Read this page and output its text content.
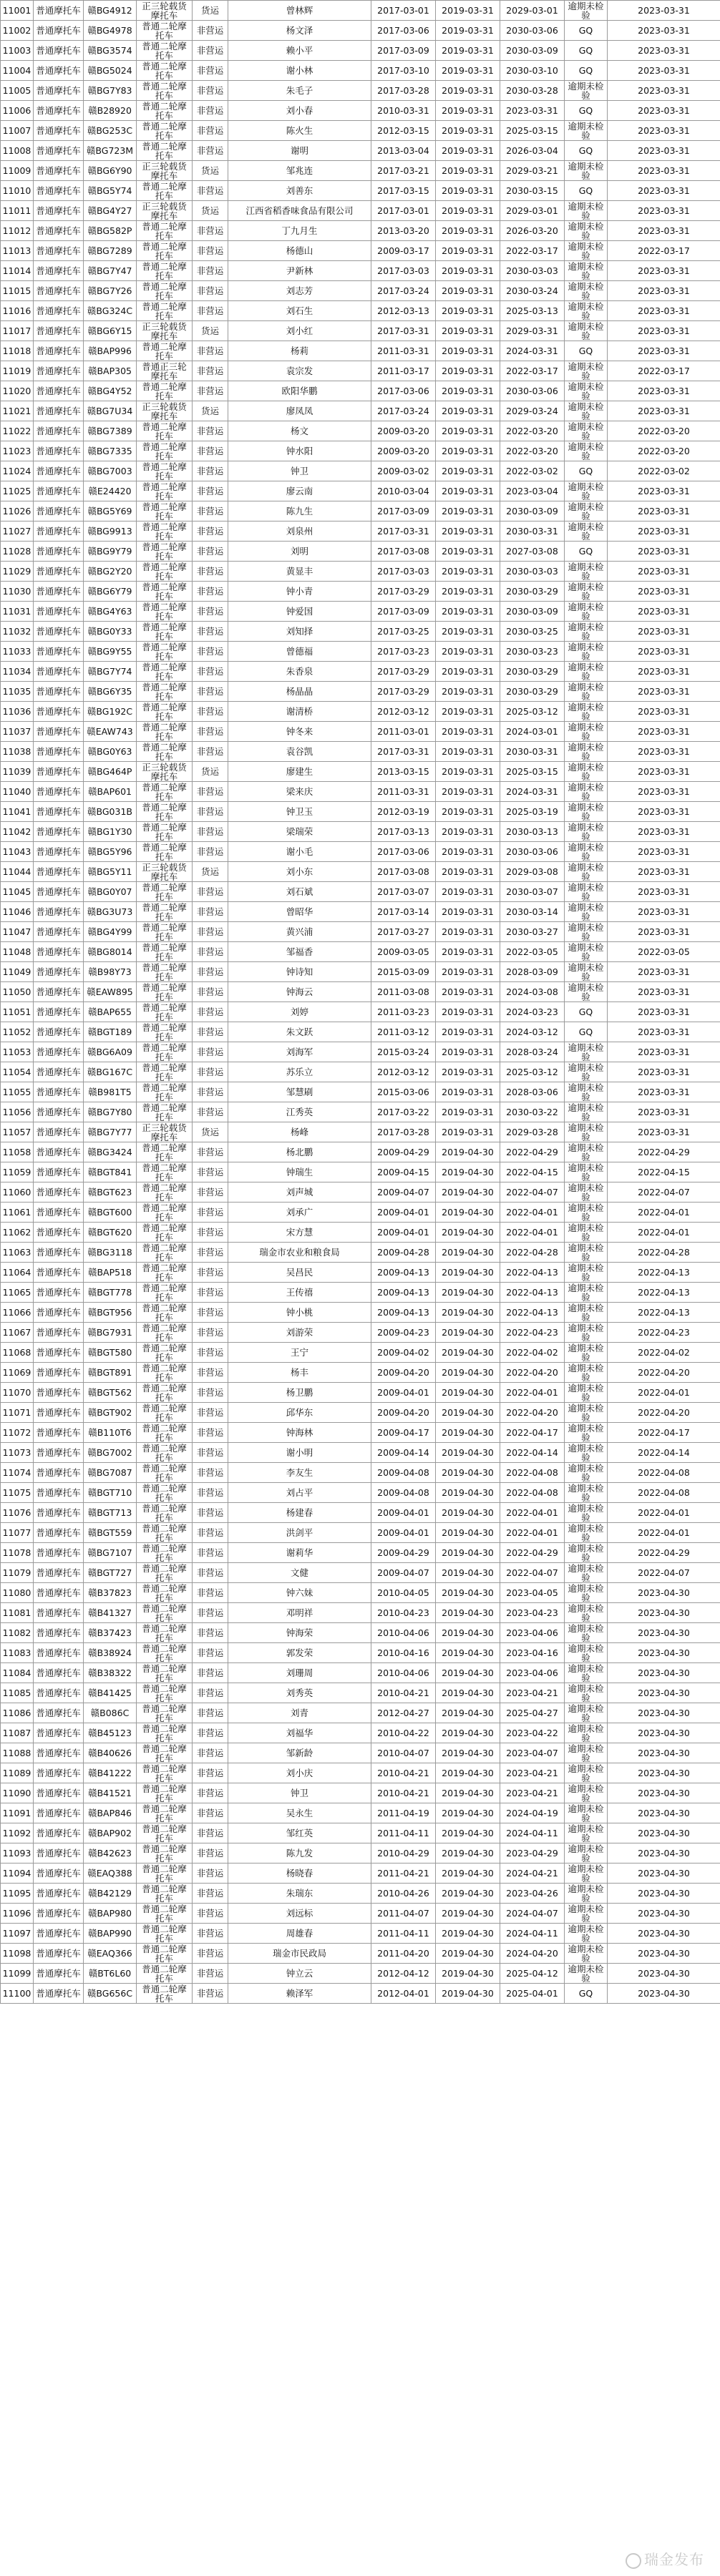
11001	普通摩托车	赣BG4912	正三轮载货摩托车	货运	曾林辉	2017-03-01	2019-03-31	2029-03-01	逾期未检验	2023-03-31
11002	普通摩托车	赣BG4978	普通二轮摩托车	非营运	杨文泽	2017-03-06	2019-03-31	2030-03-06	GQ	2023-03-31
11003	普通摩托车	赣BG3574	普通二轮摩托车	非营运	赖小平	2017-03-09	2019-03-31	2030-03-09	GQ	2023-03-31
11004	普通摩托车	赣BG5024	普通二轮摩托车	非营运	谢小林	2017-03-10	2019-03-31	2030-03-10	GQ	2023-03-31
11005	普通摩托车	赣BG7Y83	普通二轮摩托车	非营运	朱毛子	2017-03-28	2019-03-31	2030-03-28	逾期未检验	2023-03-31
11006	普通摩托车	赣B28920	普通二轮摩托车	非营运	刘小春	2010-03-31	2019-03-31	2023-03-31	GQ	2023-03-31
11007	普通摩托车	赣BG253C	普通二轮摩托车	非营运	陈火生	2012-03-15	2019-03-31	2025-03-15	逾期未检验	2023-03-31
11008	普通摩托车	赣BG723M	普通二轮摩托车	非营运	谢明	2013-03-04	2019-03-31	2026-03-04	GQ	2023-03-31
11009	普通摩托车	赣BG6Y90	正三轮载货摩托车	货运	邹兆连	2017-03-21	2019-03-31	2029-03-21	逾期未检验	2023-03-31
11010	普通摩托车	赣BG5Y74	普通二轮摩托车	非营运	刘善东	2017-03-15	2019-03-31	2030-03-15	GQ	2023-03-31
11011	普通摩托车	赣BG4Y27	正三轮载货摩托车	货运	江西省稻香味食品有限公司	2017-03-01	2019-03-31	2029-03-01	逾期未检验	2023-03-31
11012	普通摩托车	赣BG582P	普通二轮摩托车	非营运	丁九月生	2013-03-20	2019-03-31	2026-03-20	逾期未检验	2023-03-31
11013	普通摩托车	赣BG7289	普通二轮摩托车	非营运	杨德山	2009-03-17	2019-03-31	2022-03-17	逾期未检验	2022-03-17
11014	普通摩托车	赣BG7Y47	普通二轮摩托车	非营运	尹新林	2017-03-03	2019-03-31	2030-03-03	逾期未检验	2023-03-31
11015	普通摩托车	赣BG7Y26	普通二轮摩托车	非营运	刘志芳	2017-03-24	2019-03-31	2030-03-24	逾期未检验	2023-03-31
11016	普通摩托车	赣BG324C	普通二轮摩托车	非营运	刘石生	2012-03-13	2019-03-31	2025-03-13	逾期未检验	2023-03-31
11017	普通摩托车	赣BG6Y15	正三轮载货摩托车	货运	刘小红	2017-03-31	2019-03-31	2029-03-31	逾期未检验	2023-03-31
11018	普通摩托车	赣BAP996	普通二轮摩托车	非营运	杨莉	2011-03-31	2019-03-31	2024-03-31	GQ	2023-03-31
11019	普通摩托车	赣BAP305	普通正三轮摩托车	非营运	袁宗发	2011-03-17	2019-03-31	2022-03-17	逾期未检验	2022-03-17
11020	普通摩托车	赣BG4Y52	普通二轮摩托车	非营运	欧阳华鹏	2017-03-06	2019-03-31	2030-03-06	逾期未检验	2023-03-31
11021	普通摩托车	赣BG7U34	正三轮载货摩托车	货运	廖凤凤	2017-03-24	2019-03-31	2029-03-24	逾期未检验	2023-03-31
11022	普通摩托车	赣BG7389	普通二轮摩托车	非营运	杨文	2009-03-20	2019-03-31	2022-03-20	逾期未检验	2022-03-20
11023	普通摩托车	赣BG7335	普通二轮摩托车	非营运	钟水阳	2009-03-20	2019-03-31	2022-03-20	逾期未检验	2022-03-20
11024	普通摩托车	赣BG7003	普通二轮摩托车	非营运	钟卫	2009-03-02	2019-03-31	2022-03-02	GQ	2022-03-02
11025	普通摩托车	赣E24420	普通二轮摩托车	非营运	廖云南	2010-03-04	2019-03-31	2023-03-04	逾期未检验	2023-03-31
11026	普通摩托车	赣BG5Y69	普通二轮摩托车	非营运	陈九生	2017-03-09	2019-03-31	2030-03-09	逾期未检验	2023-03-31
11027	普通摩托车	赣BG9913	普通二轮摩托车	非营运	刘泉州	2017-03-31	2019-03-31	2030-03-31	逾期未检验	2023-03-31
11028	普通摩托车	赣BG9Y79	普通二轮摩托车	非营运	刘明	2017-03-08	2019-03-31	2027-03-08	GQ	2023-03-31
11029	普通摩托车	赣BG2Y20	普通二轮摩托车	非营运	黄显丰	2017-03-03	2019-03-31	2030-03-03	逾期未检验	2023-03-31
11030	普通摩托车	赣BG6Y79	普通二轮摩托车	非营运	钟小青	2017-03-29	2019-03-31	2030-03-29	逾期未检验	2023-03-31
11031	普通摩托车	赣BG4Y63	普通二轮摩托车	非营运	钟爱国	2017-03-09	2019-03-31	2030-03-09	逾期未检验	2023-03-31
11032	普通摩托车	赣BG0Y33	普通二轮摩托车	非营运	刘知择	2017-03-25	2019-03-31	2030-03-25	逾期未检验	2023-03-31
11033	普通摩托车	赣BG9Y55	普通二轮摩托车	非营运	曾德福	2017-03-23	2019-03-31	2030-03-23	逾期未检验	2023-03-31
11034	普通摩托车	赣BG7Y74	普通二轮摩托车	非营运	朱香泉	2017-03-29	2019-03-31	2030-03-29	逾期未检验	2023-03-31
11035	普通摩托车	赣BG6Y35	普通二轮摩托车	非营运	杨晶晶	2017-03-29	2019-03-31	2030-03-29	逾期未检验	2023-03-31
11036	普通摩托车	赣BG192C	普通二轮摩托车	非营运	谢清桥	2012-03-12	2019-03-31	2025-03-12	逾期未检验	2023-03-31
11037	普通摩托车	赣EAW743	普通二轮摩托车	非营运	钟冬来	2011-03-01	2019-03-31	2024-03-01	逾期未检验	2023-03-31
11038	普通摩托车	赣BG0Y63	普通二轮摩托车	非营运	袁谷凯	2017-03-31	2019-03-31	2030-03-31	逾期未检验	2023-03-31
11039	普通摩托车	赣BG464P	正三轮载货摩托车	货运	廖建生	2013-03-15	2019-03-31	2025-03-15	逾期未检验	2023-03-31
11040	普通摩托车	赣BAP601	普通二轮摩托车	非营运	梁来庆	2011-03-31	2019-03-31	2024-03-31	逾期未检验	2023-03-31
11041	普通摩托车	赣BG031B	普通二轮摩托车	非营运	钟卫玉	2012-03-19	2019-03-31	2025-03-19	逾期未检验	2023-03-31
11042	普通摩托车	赣BG1Y30	普通二轮摩托车	非营运	梁瑞荣	2017-03-13	2019-03-31	2030-03-13	逾期未检验	2023-03-31
11043	普通摩托车	赣BG5Y96	普通二轮摩托车	非营运	谢小毛	2017-03-06	2019-03-31	2030-03-06	逾期未检验	2023-03-31
11044	普通摩托车	赣BG5Y11	正三轮载货摩托车	货运	刘小东	2017-03-08	2019-03-31	2029-03-08	逾期未检验	2023-03-31
11045	普通摩托车	赣BG0Y07	普通二轮摩托车	非营运	刘石斌	2017-03-07	2019-03-31	2030-03-07	逾期未检验	2023-03-31
11046	普通摩托车	赣BG3U73	普通二轮摩托车	非营运	曾昭华	2017-03-14	2019-03-31	2030-03-14	逾期未检验	2023-03-31
11047	普通摩托车	赣BG4Y99	普通二轮摩托车	非营运	黄兴浦	2017-03-27	2019-03-31	2030-03-27	逾期未检验	2023-03-31
11048	普通摩托车	赣BG8014	普通二轮摩托车	非营运	邹福香	2009-03-05	2019-03-31	2022-03-05	逾期未检验	2022-03-05
11049	普通摩托车	赣B98Y73	普通二轮摩托车	非营运	钟诗知	2015-03-09	2019-03-31	2028-03-09	逾期未检验	2023-03-31
11050	普通摩托车	赣EAW895	普通二轮摩托车	非营运	钟海云	2011-03-08	2019-03-31	2024-03-08	逾期未检验	2023-03-31
11051	普通摩托车	赣BAP655	普通二轮摩托车	非营运	刘婷	2011-03-23	2019-03-31	2024-03-23	GQ	2023-03-31
11052	普通摩托车	赣BGT189	普通二轮摩托车	非营运	朱文跃	2011-03-12	2019-03-31	2024-03-12	GQ	2023-03-31
11053	普通摩托车	赣BG6A09	普通二轮摩托车	非营运	刘海军	2015-03-24	2019-03-31	2028-03-24	逾期未检验	2023-03-31
11054	普通摩托车	赣BG167C	普通二轮摩托车	非营运	苏乐立	2012-03-12	2019-03-31	2025-03-12	逾期未检验	2023-03-31
11055	普通摩托车	赣B981T5	普通二轮摩托车	非营运	邹慧刷	2015-03-06	2019-03-31	2028-03-06	逾期未检验	2023-03-31
11056	普通摩托车	赣BG7Y80	普通二轮摩托车	非营运	江秀英	2017-03-22	2019-03-31	2030-03-22	逾期未检验	2023-03-31
11057	普通摩托车	赣BG7Y77	正三轮载货摩托车	货运	杨峰	2017-03-28	2019-03-31	2029-03-28	逾期未检验	2023-03-31
11058	普通摩托车	赣BG3424	普通二轮摩托车	非营运	杨北鹏	2009-04-29	2019-04-30	2022-04-29	逾期未检验	2022-04-29
11059	普通摩托车	赣BGT841	普通二轮摩托车	非营运	钟瑞生	2009-04-15	2019-04-30	2022-04-15	逾期未检验	2022-04-15
11060	普通摩托车	赣BGT623	普通二轮摩托车	非营运	刘声城	2009-04-07	2019-04-30	2022-04-07	逾期未检验	2022-04-07
11061	普通摩托车	赣BGT600	普通二轮摩托车	非营运	刘承广	2009-04-01	2019-04-30	2022-04-01	逾期未检验	2022-04-01
11062	普通摩托车	赣BGT620	普通二轮摩托车	非营运	宋方慧	2009-04-01	2019-04-30	2022-04-01	逾期未检验	2022-04-01
11063	普通摩托车	赣BG3118	普通二轮摩托车	非营运	瑞金市农业和粮食局	2009-04-28	2019-04-30	2022-04-28	逾期未检验	2022-04-28
11064	普通摩托车	赣BAP518	普通二轮摩托车	非营运	吴昌民	2009-04-13	2019-04-30	2022-04-13	逾期未检验	2022-04-13
11065	普通摩托车	赣BGT778	普通二轮摩托车	非营运	王传禧	2009-04-13	2019-04-30	2022-04-13	逾期未检验	2022-04-13
11066	普通摩托车	赣BGT956	普通二轮摩托车	非营运	钟小桃	2009-04-13	2019-04-30	2022-04-13	逾期未检验	2022-04-13
11067	普通摩托车	赣BG7931	普通二轮摩托车	非营运	刘游荣	2009-04-23	2019-04-30	2022-04-23	逾期未检验	2022-04-23
11068	普通摩托车	赣BGT580	普通二轮摩托车	非营运	王宁	2009-04-02	2019-04-30	2022-04-02	逾期未检验	2022-04-02
11069	普通摩托车	赣BGT891	普通二轮摩托车	非营运	杨丰	2009-04-20	2019-04-30	2022-04-20	逾期未检验	2022-04-20
11070	普通摩托车	赣BGT562	普通二轮摩托车	非营运	杨卫鹏	2009-04-01	2019-04-30	2022-04-01	逾期未检验	2022-04-01
11071	普通摩托车	赣BGT902	普通二轮摩托车	非营运	邱华东	2009-04-20	2019-04-30	2022-04-20	逾期未检验	2022-04-20
11072	普通摩托车	赣B110T6	普通二轮摩托车	非营运	钟海林	2009-04-17	2019-04-30	2022-04-17	逾期未检验	2022-04-17
11073	普通摩托车	赣BG7002	普通二轮摩托车	非营运	谢小明	2009-04-14	2019-04-30	2022-04-14	逾期未检验	2022-04-14
11074	普通摩托车	赣BG7087	普通二轮摩托车	非营运	李友生	2009-04-08	2019-04-30	2022-04-08	逾期未检验	2022-04-08
11075	普通摩托车	赣BGT710	普通二轮摩托车	非营运	刘占平	2009-04-08	2019-04-30	2022-04-08	逾期未检验	2022-04-08
11076	普通摩托车	赣BGT713	普通二轮摩托车	非营运	杨建春	2009-04-01	2019-04-30	2022-04-01	逾期未检验	2022-04-01
11077	普通摩托车	赣BGT559	普通二轮摩托车	非营运	洪剑平	2009-04-01	2019-04-30	2022-04-01	逾期未检验	2022-04-01
11078	普通摩托车	赣BG7107	普通二轮摩托车	非营运	谢莉华	2009-04-29	2019-04-30	2022-04-29	逾期未检验	2022-04-29
11079	普通摩托车	赣BGT727	普通二轮摩托车	非营运	文健	2009-04-07	2019-04-30	2022-04-07	逾期未检验	2022-04-07
11080	普通摩托车	赣B37823	普通二轮摩托车	非营运	钟六妹	2010-04-05	2019-04-30	2023-04-05	逾期未检验	2023-04-30
11081	普通摩托车	赣B41327	普通二轮摩托车	非营运	邓明祥	2010-04-23	2019-04-30	2023-04-23	逾期未检验	2023-04-30
11082	普通摩托车	赣B37423	普通二轮摩托车	非营运	钟海荣	2010-04-06	2019-04-30	2023-04-06	逾期未检验	2023-04-30
11083	普通摩托车	赣B38924	普通二轮摩托车	非营运	郭发荣	2010-04-16	2019-04-30	2023-04-16	逾期未检验	2023-04-30
11084	普通摩托车	赣B38322	普通二轮摩托车	非营运	刘珊周	2010-04-06	2019-04-30	2023-04-06	逾期未检验	2023-04-30
11085	普通摩托车	赣B41425	普通二轮摩托车	非营运	刘秀英	2010-04-21	2019-04-30	2023-04-21	逾期未检验	2023-04-30
11086	普通摩托车	赣B086C	普通二轮摩托车	非营运	刘青	2012-04-27	2019-04-30	2025-04-27	逾期未检验	2023-04-30
11087	普通摩托车	赣B45123	普通二轮摩托车	非营运	刘福华	2010-04-22	2019-04-30	2023-04-22	逾期未检验	2023-04-30
11088	普通摩托车	赣B40626	普通二轮摩托车	非营运	邹新龄	2010-04-07	2019-04-30	2023-04-07	逾期未检验	2023-04-30
11089	普通摩托车	赣B41222	普通二轮摩托车	非营运	刘小庆	2010-04-21	2019-04-30	2023-04-21	逾期未检验	2023-04-30
11090	普通摩托车	赣B41521	普通二轮摩托车	非营运	钟卫	2010-04-21	2019-04-30	2023-04-21	逾期未检验	2023-04-30
11091	普通摩托车	赣BAP846	普通二轮摩托车	非营运	吴永生	2011-04-19	2019-04-30	2024-04-19	逾期未检验	2023-04-30
11092	普通摩托车	赣BAP902	普通二轮摩托车	非营运	邹红英	2011-04-11	2019-04-30	2024-04-11	逾期未检验	2023-04-30
11093	普通摩托车	赣B42623	普通二轮摩托车	非营运	陈九发	2010-04-29	2019-04-30	2023-04-29	逾期未检验	2023-04-30
11094	普通摩托车	赣EAQ388	普通二轮摩托车	非营运	杨晓春	2011-04-21	2019-04-30	2024-04-21	逾期未检验	2023-04-30
11095	普通摩托车	赣B42129	普通二轮摩托车	非营运	朱瑞东	2010-04-26	2019-04-30	2023-04-26	逾期未检验	2023-04-30
11096	普通摩托车	赣BAP980	普通二轮摩托车	非营运	刘远标	2011-04-07	2019-04-30	2024-04-07	逾期未检验	2023-04-30
11097	普通摩托车	赣BAP990	普通二轮摩托车	非营运	周雄春	2011-04-11	2019-04-30	2024-04-11	逾期未检验	2023-04-30
11098	普通摩托车	赣EAQ366	普通二轮摩托车	非营运	瑞金市民政局	2011-04-20	2019-04-30	2024-04-20	逾期未检验	2023-04-30
11099	普通摩托车	赣BT6L60	普通二轮摩托车	非营运	钟立云	2012-04-12	2019-04-30	2025-04-12	逾期未检验	2023-04-30
11100	普通摩托车	赣BG656C	普通二轮摩托车	非营运	赖泽军	2012-04-01	2019-04-30	2025-04-01	GQ	2023-04-30
瑞金发布
